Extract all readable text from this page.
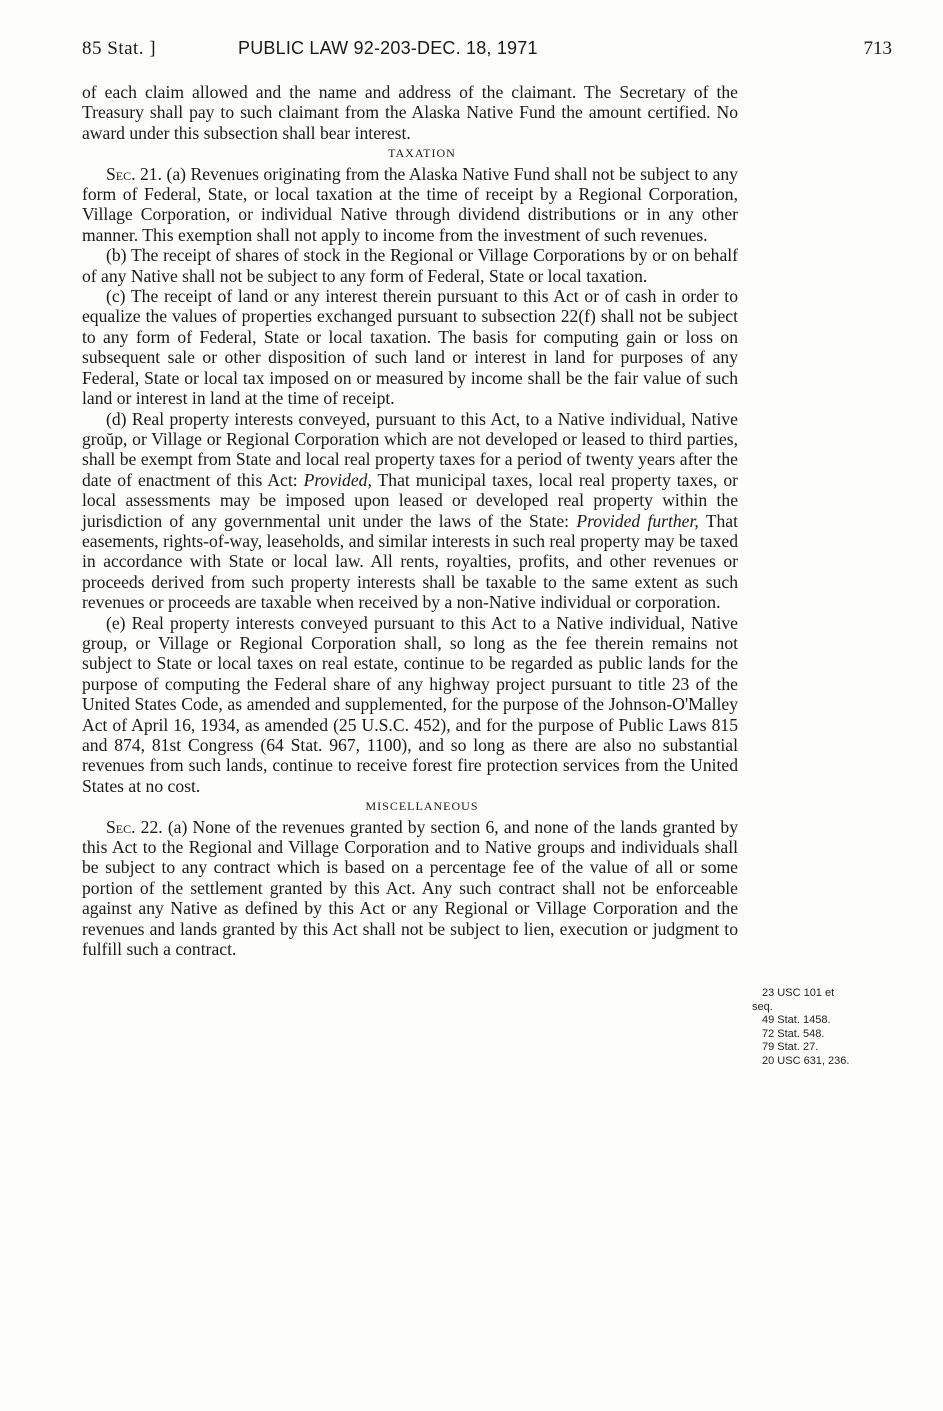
85 Stat. ]	PUBLIC LAW 92-203-DEC. 18, 1971	713

of each claim allowed and the name and address of the claimant. The Secretary of the Treasury shall pay to such claimant from the Alaska Native Fund the amount certified. No award under this subsection shall bear interest.

TAXATION

Sec. 21. (a) Revenues originating from the Alaska Native Fund shall not be subject to any form of Federal, State, or local taxation at the time of receipt by a Regional Corporation, Village Corporation, or individual Native through dividend distributions or in any other manner. This exemption shall not apply to income from the investment of such revenues.

(b) The receipt of shares of stock in the Regional or Village Corporations by or on behalf of any Native shall not be subject to any form of Federal, State or local taxation.

(c) The receipt of land or any interest therein pursuant to this Act or of cash in order to equalize the values of properties exchanged pursuant to subsection 22(f) shall not be subject to any form of Federal, State or local taxation. The basis for computing gain or loss on subsequent sale or other disposition of such land or interest in land for purposes of any Federal, State or local tax imposed on or measured by income shall be the fair value of such land or interest in land at the time of receipt.

(d) Real property interests conveyed, pursuant to this Act, to a Native individual, Native groŭp, or Village or Regional Corporation which are not developed or leased to third parties, shall be exempt from State and local real property taxes for a period of twenty years after the date of enactment of this Act: Provided, That municipal taxes, local real property taxes, or local assessments may be imposed upon leased or developed real property within the jurisdiction of any governmental unit under the laws of the State: Provided further, That easements, rights-of-way, leaseholds, and similar interests in such real property may be taxed in accordance with State or local law. All rents, royalties, profits, and other revenues or proceeds derived from such property interests shall be taxable to the same extent as such revenues or proceeds are taxable when received by a non-Native individual or corporation.

(e) Real property interests conveyed pursuant to this Act to a Native individual, Native group, or Village or Regional Corporation shall, so long as the fee therein remains not subject to State or local taxes on real estate, continue to be regarded as public lands for the purpose of computing the Federal share of any highway project pursuant to title 23 of the United States Code, as amended and supplemented, for the purpose of the Johnson-O'Malley Act of April 16, 1934, as amended (25 U.S.C. 452), and for the purpose of Public Laws 815 and 874, 81st Congress (64 Stat. 967, 1100), and so long as there are also no substantial revenues from such lands, continue to receive forest fire protection services from the United States at no cost.

MISCELLANEOUS

Sec. 22. (a) None of the revenues granted by section 6, and none of the lands granted by this Act to the Regional and Village Corporation and to Native groups and individuals shall be subject to any contract which is based on a percentage fee of the value of all or some portion of the settlement granted by this Act. Any such contract shall not be enforceable against any Native as defined by this Act or any Regional or Village Corporation and the revenues and lands granted by this Act shall not be subject to lien, execution or judgment to fulfill such a contract.

23 USC 101 et
seq.
49 Stat. 1458.
72 Stat. 548.
79 Stat. 27.
20 USC 631, 236.
